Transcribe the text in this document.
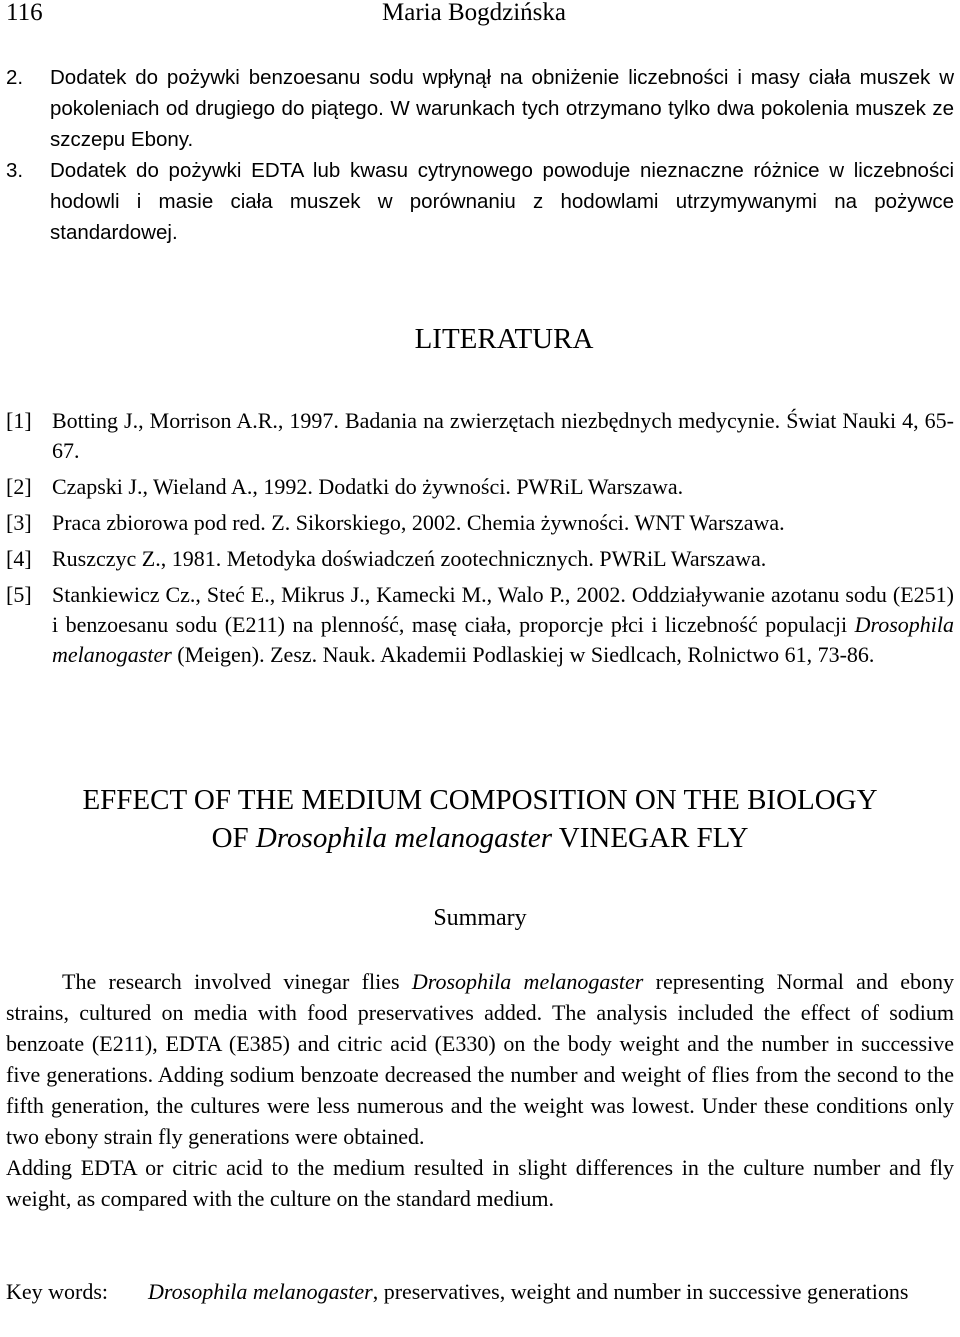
116	Maria Bogdzińska
2.	Dodatek do pożywki benzoesanu sodu wpłynął na obniżenie liczebności i masy ciała muszek w pokoleniach od drugiego do piątego. W warunkach tych otrzymano tylko dwa pokolenia muszek ze szczepu Ebony.
3.	Dodatek do pożywki EDTA lub kwasu cytrynowego powoduje nieznaczne różnice w liczebności hodowli i masie ciała muszek w porównaniu z hodowlami utrzymywanymi na pożywce standardowej.
LITERATURA
[1] Botting J., Morrison A.R., 1997. Badania na zwierzętach niezbędnych medycynie. Świat Nauki 4, 65-67.
[2] Czapski J., Wieland A., 1992. Dodatki do żywności. PWRiL Warszawa.
[3] Praca zbiorowa pod red. Z. Sikorskiego, 2002. Chemia żywności. WNT Warszawa.
[4] Ruszczyc Z., 1981. Metodyka doświadczeń zootechnicznych. PWRiL Warszawa.
[5] Stankiewicz Cz., Steć E., Mikrus J., Kamecki M., Walo P., 2002. Oddziaływanie azotanu sodu (E251) i benzoesanu sodu (E211) na plenność, masę ciała, proporcje płci i liczebność populacji Drosophila melanogaster (Meigen). Zesz. Nauk. Akademii Podlaskiej w Siedlcach, Rolnictwo 61, 73-86.
EFFECT OF THE MEDIUM COMPOSITION ON THE BIOLOGY
OF Drosophila melanogaster VINEGAR FLY
Summary

The research involved vinegar flies Drosophila melanogaster representing Normal and ebony strains, cultured on media with food preservatives added. The analysis included the effect of sodium benzoate (E211), EDTA (E385) and citric acid (E330) on the body weight and the number in successive five generations. Adding sodium benzoate decreased the number and weight of flies from the second to the fifth generation, the cultures were less numerous and the weight was lowest. Under these conditions only two ebony strain fly generations were obtained.

Adding EDTA or citric acid to the medium resulted in slight differences in the culture number and fly weight, as compared with the culture on the standard medium.

Key words:	Drosophila melanogaster, preservatives, weight and number in successive generations
